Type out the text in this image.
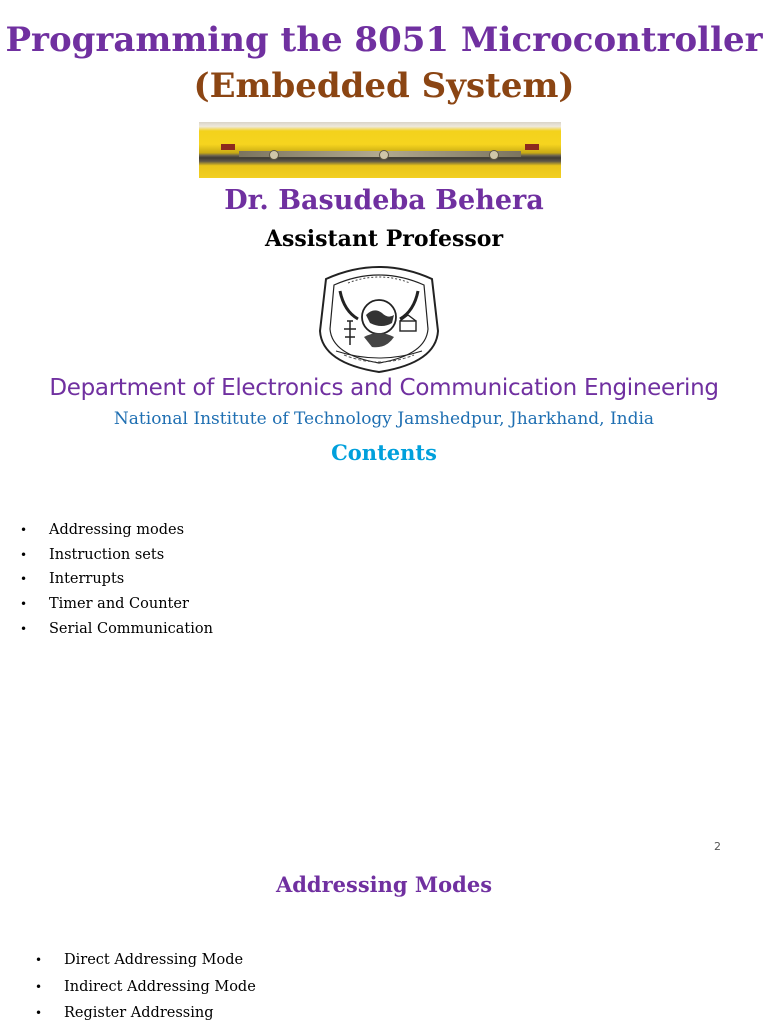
Programming the 8051 Microcontroller
(Embedded System)
Dr. Basudeba Behera
Assistant Professor
Department of Electronics and Communication Engineering
National Institute of Technology Jamshedpur, Jharkhand, India
Contents
• Addressing modes
• Instruction sets
• Interrupts
• Timer and Counter
• Serial Communication
2
Addressing Modes
• Direct Addressing Mode
• Indirect Addressing Mode
• Register Addressing
